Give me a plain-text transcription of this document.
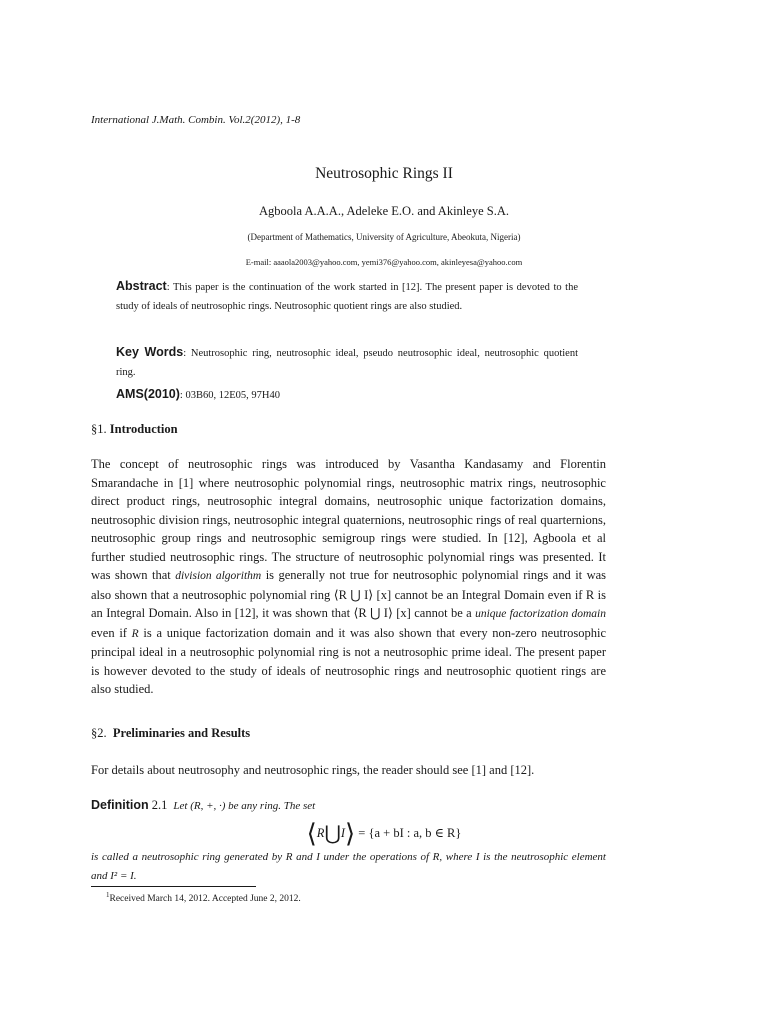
International J.Math. Combin. Vol.2(2012), 1-8
Neutrosophic Rings II
Agboola A.A.A., Adeleke E.O. and Akinleye S.A.
(Department of Mathematics, University of Agriculture, Abeokuta, Nigeria)
E-mail: aaaola2003@yahoo.com, yemi376@yahoo.com, akinleyesa@yahoo.com
Abstract: This paper is the continuation of the work started in [12]. The present paper is devoted to the study of ideals of neutrosophic rings. Neutrosophic quotient rings are also studied.
Key Words: Neutrosophic ring, neutrosophic ideal, pseudo neutrosophic ideal, neutrosophic quotient ring.
AMS(2010): 03B60, 12E05, 97H40
§1. Introduction
The concept of neutrosophic rings was introduced by Vasantha Kandasamy and Florentin Smarandache in [1] where neutrosophic polynomial rings, neutrosophic matrix rings, neutrosophic direct product rings, neutrosophic integral domains, neutrosophic unique factorization domains, neutrosophic division rings, neutrosophic integral quaternions, neutrosophic rings of real quarternions, neutrosophic group rings and neutrosophic semigroup rings were studied. In [12], Agboola et al further studied neutrosophic rings. The structure of neutrosophic polynomial rings was presented. It was shown that division algorithm is generally not true for neutrosophic polynomial rings and it was also shown that a neutrosophic polynomial ring ⟨R ⋃ I⟩ [x] cannot be an Integral Domain even if R is an Integral Domain. Also in [12], it was shown that ⟨R ⋃ I⟩ [x] cannot be a unique factorization domain even if R is a unique factorization domain and it was also shown that every non-zero neutrosophic principal ideal in a neutrosophic polynomial ring is not a neutrosophic prime ideal. The present paper is however devoted to the study of ideals of neutrosophic rings and neutrosophic quotient rings are also studied.
§2. Preliminaries and Results
For details about neutrosophy and neutrosophic rings, the reader should see [1] and [12].
Definition 2.1 Let (R, +, ·) be any ring. The set
⟨R⋃I⟩ = {a + bI : a, b ∈ R}
is called a neutrosophic ring generated by R and I under the operations of R, where I is the neutrosophic element and I² = I.
$^1$Received March 14, 2012. Accepted June 2, 2012.
